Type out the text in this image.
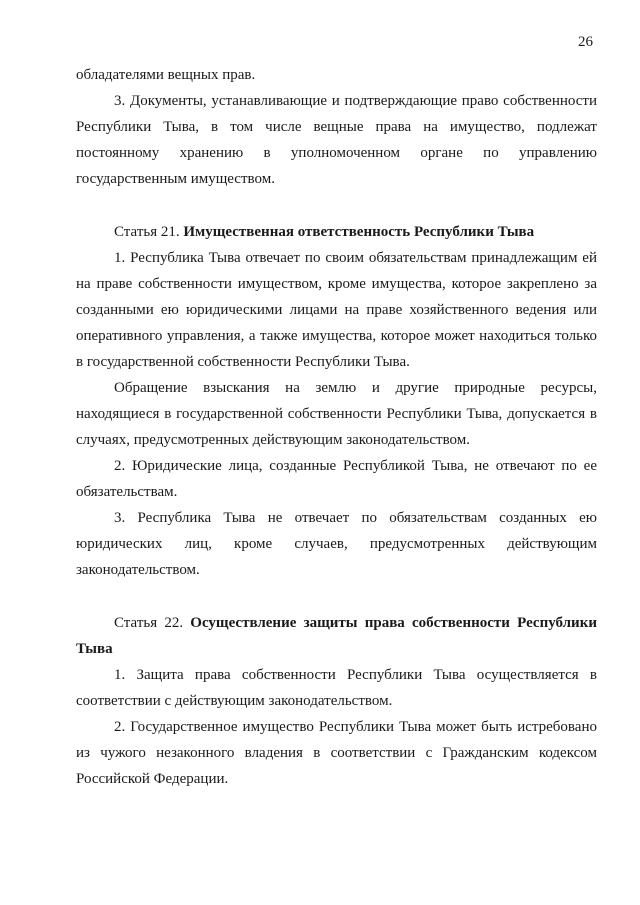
26

обладателями вещных прав.

3. Документы, устанавливающие и подтверждающие право собственности Республики Тыва, в том числе вещные права на имущество, подлежат постоянному хранению в уполномоченном органе по управлению государственным имуществом.

Статья 21. Имущественная ответственность Республики Тыва

1. Республика Тыва отвечает по своим обязательствам принадлежащим ей на праве собственности имуществом, кроме имущества, которое закреплено за созданными ею юридическими лицами на праве хозяйственного ведения или оперативного управления, а также имущества, которое может находиться только в государственной собственности Республики Тыва.

Обращение взыскания на землю и другие природные ресурсы, находящиеся в государственной собственности Республики Тыва, допускается в случаях, предусмотренных действующим законодательством.

2. Юридические лица, созданные Республикой Тыва, не отвечают по ее обязательствам.

3. Республика Тыва не отвечает по обязательствам созданных ею юридических лиц, кроме случаев, предусмотренных действующим законодательством.

Статья 22. Осуществление защиты права собственности Республики Тыва

1. Защита права собственности Республики Тыва осуществляется в соответствии с действующим законодательством.

2. Государственное имущество Республики Тыва может быть истребовано из чужого незаконного владения в соответствии с Гражданским кодексом Российской Федерации.
